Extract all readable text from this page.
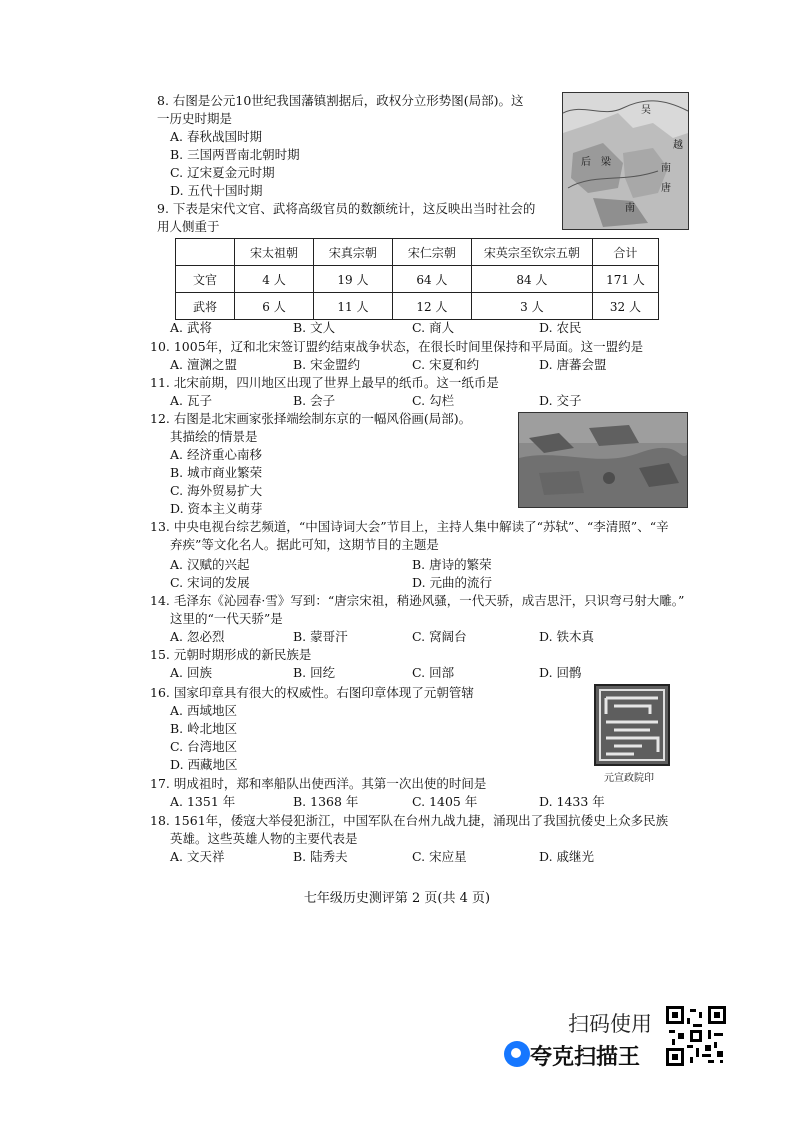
8. 右图是公元10世纪我国藩镇割据后，政权分立形势图(局部)。这
一历史时期是
A. 春秋战国时期
B. 三国两晋南北朝时期
C. 辽宋夏金元时期
D. 五代十国时期
后 梁
吴
南
唐
越
南
9. 下表是宋代文官、武将高级官员的数额统计，这反映出当时社会的
用人侧重于
	宋太祖朝	宋真宗朝	宋仁宗朝	宋英宗至钦宗五朝	合计
文官	4 人	19 人	64 人	84 人	171 人
武将	6 人	11 人	12 人	3 人	32 人
A. 武将	B. 文人	C. 商人	D. 农民
10. 1005年，辽和北宋签订盟约结束战争状态，在很长时间里保持和平局面。这一盟约是
A. 澶渊之盟	B. 宋金盟约	C. 宋夏和约	D. 唐蕃会盟
11. 北宋前期，四川地区出现了世界上最早的纸币。这一纸币是
A. 瓦子	B. 会子	C. 勾栏	D. 交子
12. 右图是北宋画家张择端绘制东京的一幅风俗画(局部)。
其描绘的情景是
A. 经济重心南移
B. 城市商业繁荣
C. 海外贸易扩大
D. 资本主义萌芽
13. 中央电视台综艺频道，“中国诗词大会”节目上，主持人集中解读了“苏轼”、“李清照”、“辛
弃疾”等文化名人。据此可知，这期节目的主题是
A. 汉赋的兴起	B. 唐诗的繁荣
C. 宋词的发展	D. 元曲的流行
14. 毛泽东《沁园春·雪》写到：“唐宗宋祖，稍逊风骚，一代天骄，成吉思汗，只识弯弓射大雕。”
这里的“一代天骄”是
A. 忽必烈	B. 蒙哥汗	C. 窝阔台	D. 铁木真
15. 元朝时期形成的新民族是
A. 回族	B. 回纥	C. 回部	D. 回鹘
16. 国家印章具有很大的权威性。右图印章体现了元朝管辖
A. 西域地区
B. 岭北地区
C. 台湾地区
D. 西藏地区
元宣政院印
17. 明成祖时，郑和率船队出使西洋。其第一次出使的时间是
A. 1351 年	B. 1368 年	C. 1405 年	D. 1433 年
18. 1561年，倭寇大举侵犯浙江，中国军队在台州九战九捷，涌现出了我国抗倭史上众多民族
英雄。这些英雄人物的主要代表是
A. 文天祥	B. 陆秀夫	C. 宋应星	D. 戚继光
七年级历史测评第 2 页(共 4 页)
扫码使用
夸克扫描王
